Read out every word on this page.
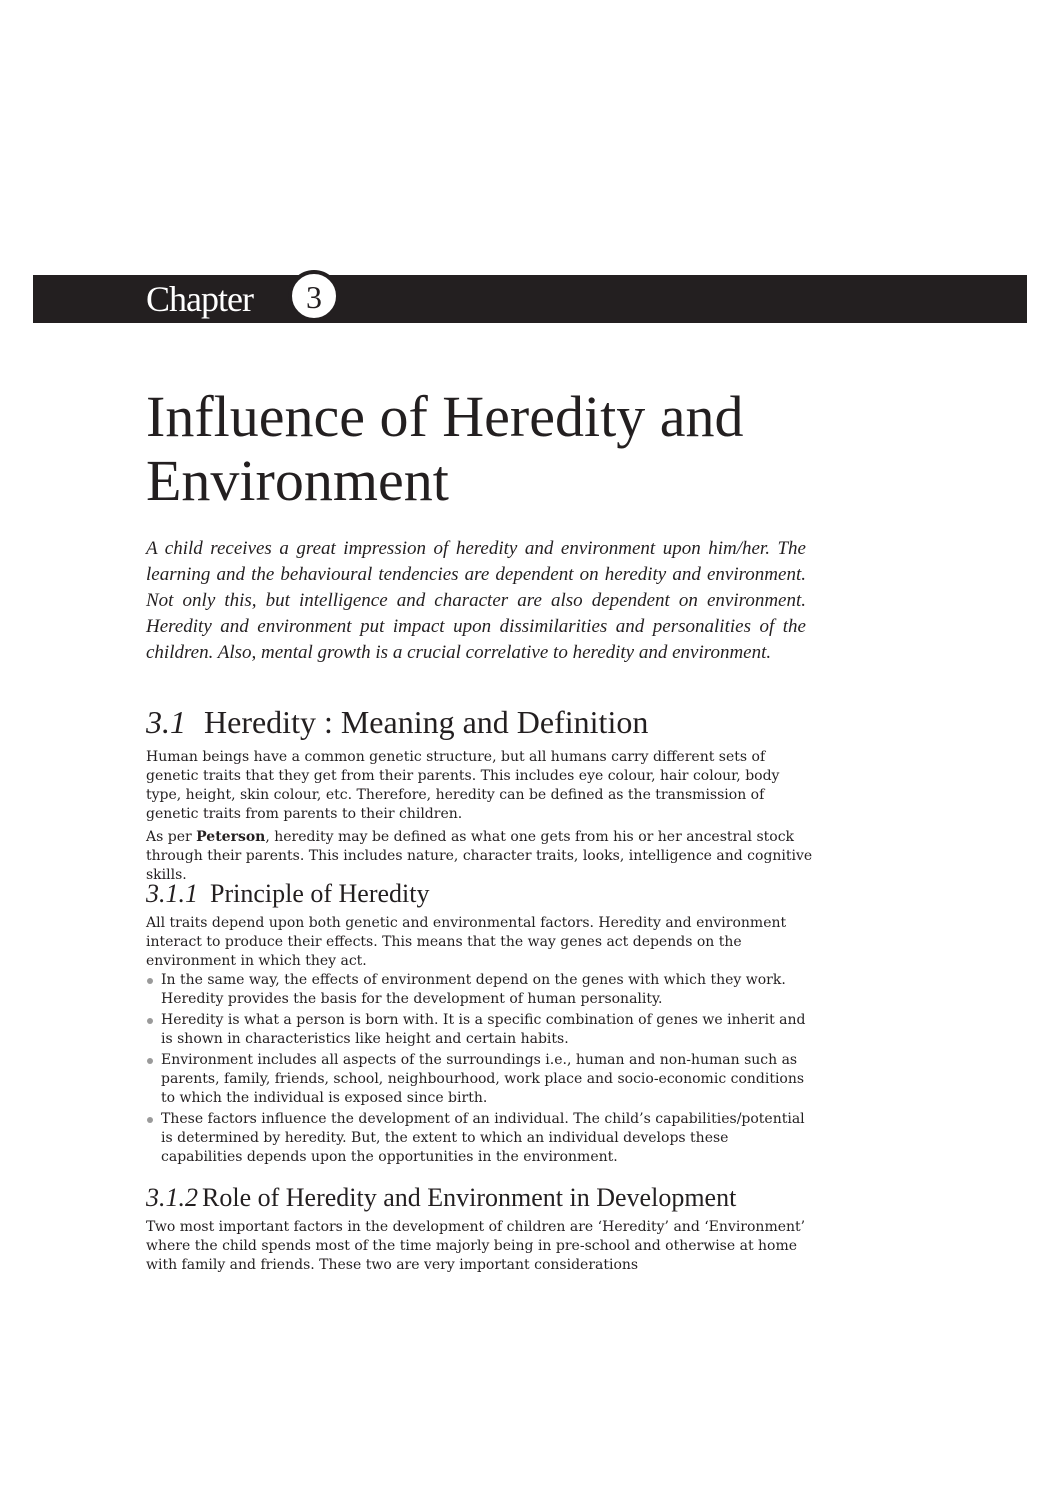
Chapter	3
Influence of Heredity and Environment

A child receives a great impression of heredity and environment upon him/her. The learning and the behavioural tendencies are dependent on heredity and environment. Not only this, but intelligence and character are also dependent on environment. Heredity and environment put impact upon dissimilarities and personalities of the children. Also, mental growth is a crucial correlative to heredity and environment.

3.1 Heredity : Meaning and Definition

Human beings have a common genetic structure, but all humans carry different sets of genetic traits that they get from their parents. This includes eye colour, hair colour, body type, height, skin colour, etc. Therefore, heredity can be defined as the transmission of genetic traits from parents to their children.

As per Peterson, heredity may be defined as what one gets from his or her ancestral stock through their parents. This includes nature, character traits, looks, intelligence and cognitive skills.

3.1.1 Principle of Heredity

All traits depend upon both genetic and environmental factors. Heredity and environment interact to produce their effects. This means that the way genes act depends on the environment in which they act.

In the same way, the effects of environment depend on the genes with which they work. Heredity provides the basis for the development of human personality.
Heredity is what a person is born with. It is a specific combination of genes we inherit and is shown in characteristics like height and certain habits.
Environment includes all aspects of the surroundings i.e., human and non-human such as parents, family, friends, school, neighbourhood, work place and socio-economic conditions to which the individual is exposed since birth.
These factors influence the development of an individual. The child’s capabilities/potential is determined by heredity. But, the extent to which an individual develops these capabilities depends upon the opportunities in the environment.
3.1.2 Role of Heredity and Environment in Development

Two most important factors in the development of children are ‘Heredity’ and ‘Environment’ where the child spends most of the time majorly being in pre-school and otherwise at home with family and friends. These two are very important considerations
